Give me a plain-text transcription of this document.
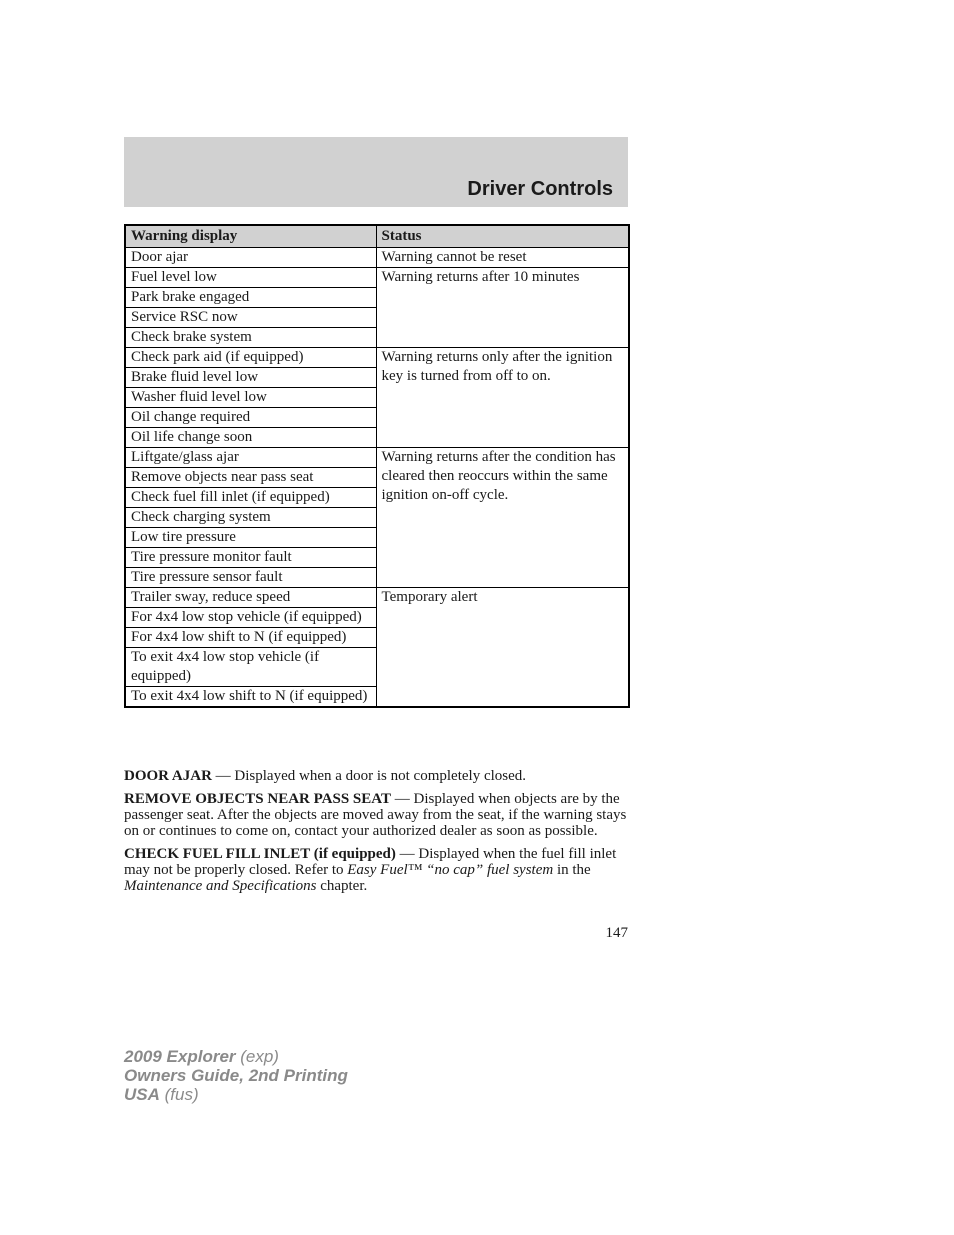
Driver Controls
Warning display	Status
Door ajar	Warning cannot be reset
Fuel level low	Warning returns after 10 minutes
Park brake engaged	
Service RSC now	
Check brake system	
Check park aid (if equipped)	Warning returns only after the ignition key is turned from off to on.
Brake fluid level low	
Washer fluid level low	
Oil change required	
Oil life change soon	
Liftgate/glass ajar	Warning returns after the condition has cleared then reoccurs within the same ignition on-off cycle.
Remove objects near pass seat	
Check fuel fill inlet (if equipped)	
Check charging system	
Low tire pressure	
Tire pressure monitor fault	
Tire pressure sensor fault	
Trailer sway, reduce speed	Temporary alert
For 4x4 low stop vehicle (if equipped)	
For 4x4 low shift to N (if equipped)	
To exit 4x4 low stop vehicle (if equipped)	
To exit 4x4 low shift to N (if equipped)	

DOOR AJAR — Displayed when a door is not completely closed.

REMOVE OBJECTS NEAR PASS SEAT — Displayed when objects are by the passenger seat. After the objects are moved away from the seat, if the warning stays on or continues to come on, contact your authorized dealer as soon as possible.

CHECK FUEL FILL INLET (if equipped) — Displayed when the fuel fill inlet may not be properly closed. Refer to Easy Fuel™ “no cap” fuel system in the Maintenance and Specifications chapter.

147
2009 Explorer (exp)
Owners Guide, 2nd Printing
USA (fus)
